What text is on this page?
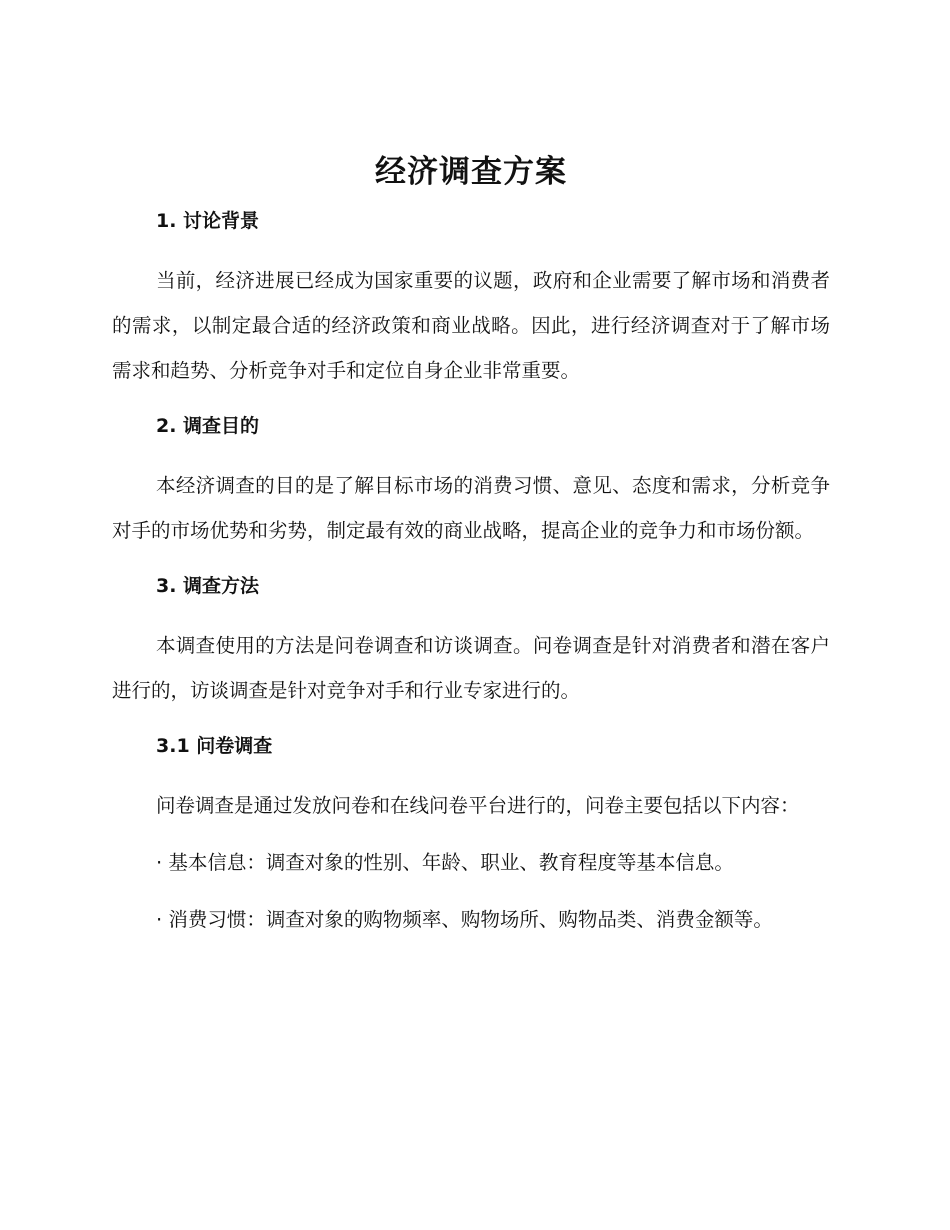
经济调查方案
1. 讨论背景

当前，经济进展已经成为国家重要的议题，政府和企业需要了解市场和消费者的需求，以制定最合适的经济政策和商业战略。因此，进行经济调查对于了解市场需求和趋势、分析竞争对手和定位自身企业非常重要。

2. 调查目的

本经济调查的目的是了解目标市场的消费习惯、意见、态度和需求，分析竞争对手的市场优势和劣势，制定最有效的商业战略，提高企业的竞争力和市场份额。

3. 调查方法

本调查使用的方法是问卷调查和访谈调查。问卷调查是针对消费者和潜在客户进行的，访谈调查是针对竞争对手和行业专家进行的。

3.1 问卷调查

问卷调查是通过发放问卷和在线问卷平台进行的，问卷主要包括以下内容：

· 基本信息：调查对象的性别、年龄、职业、教育程度等基本信息。

· 消费习惯：调查对象的购物频率、购物场所、购物品类、消费金额等。
